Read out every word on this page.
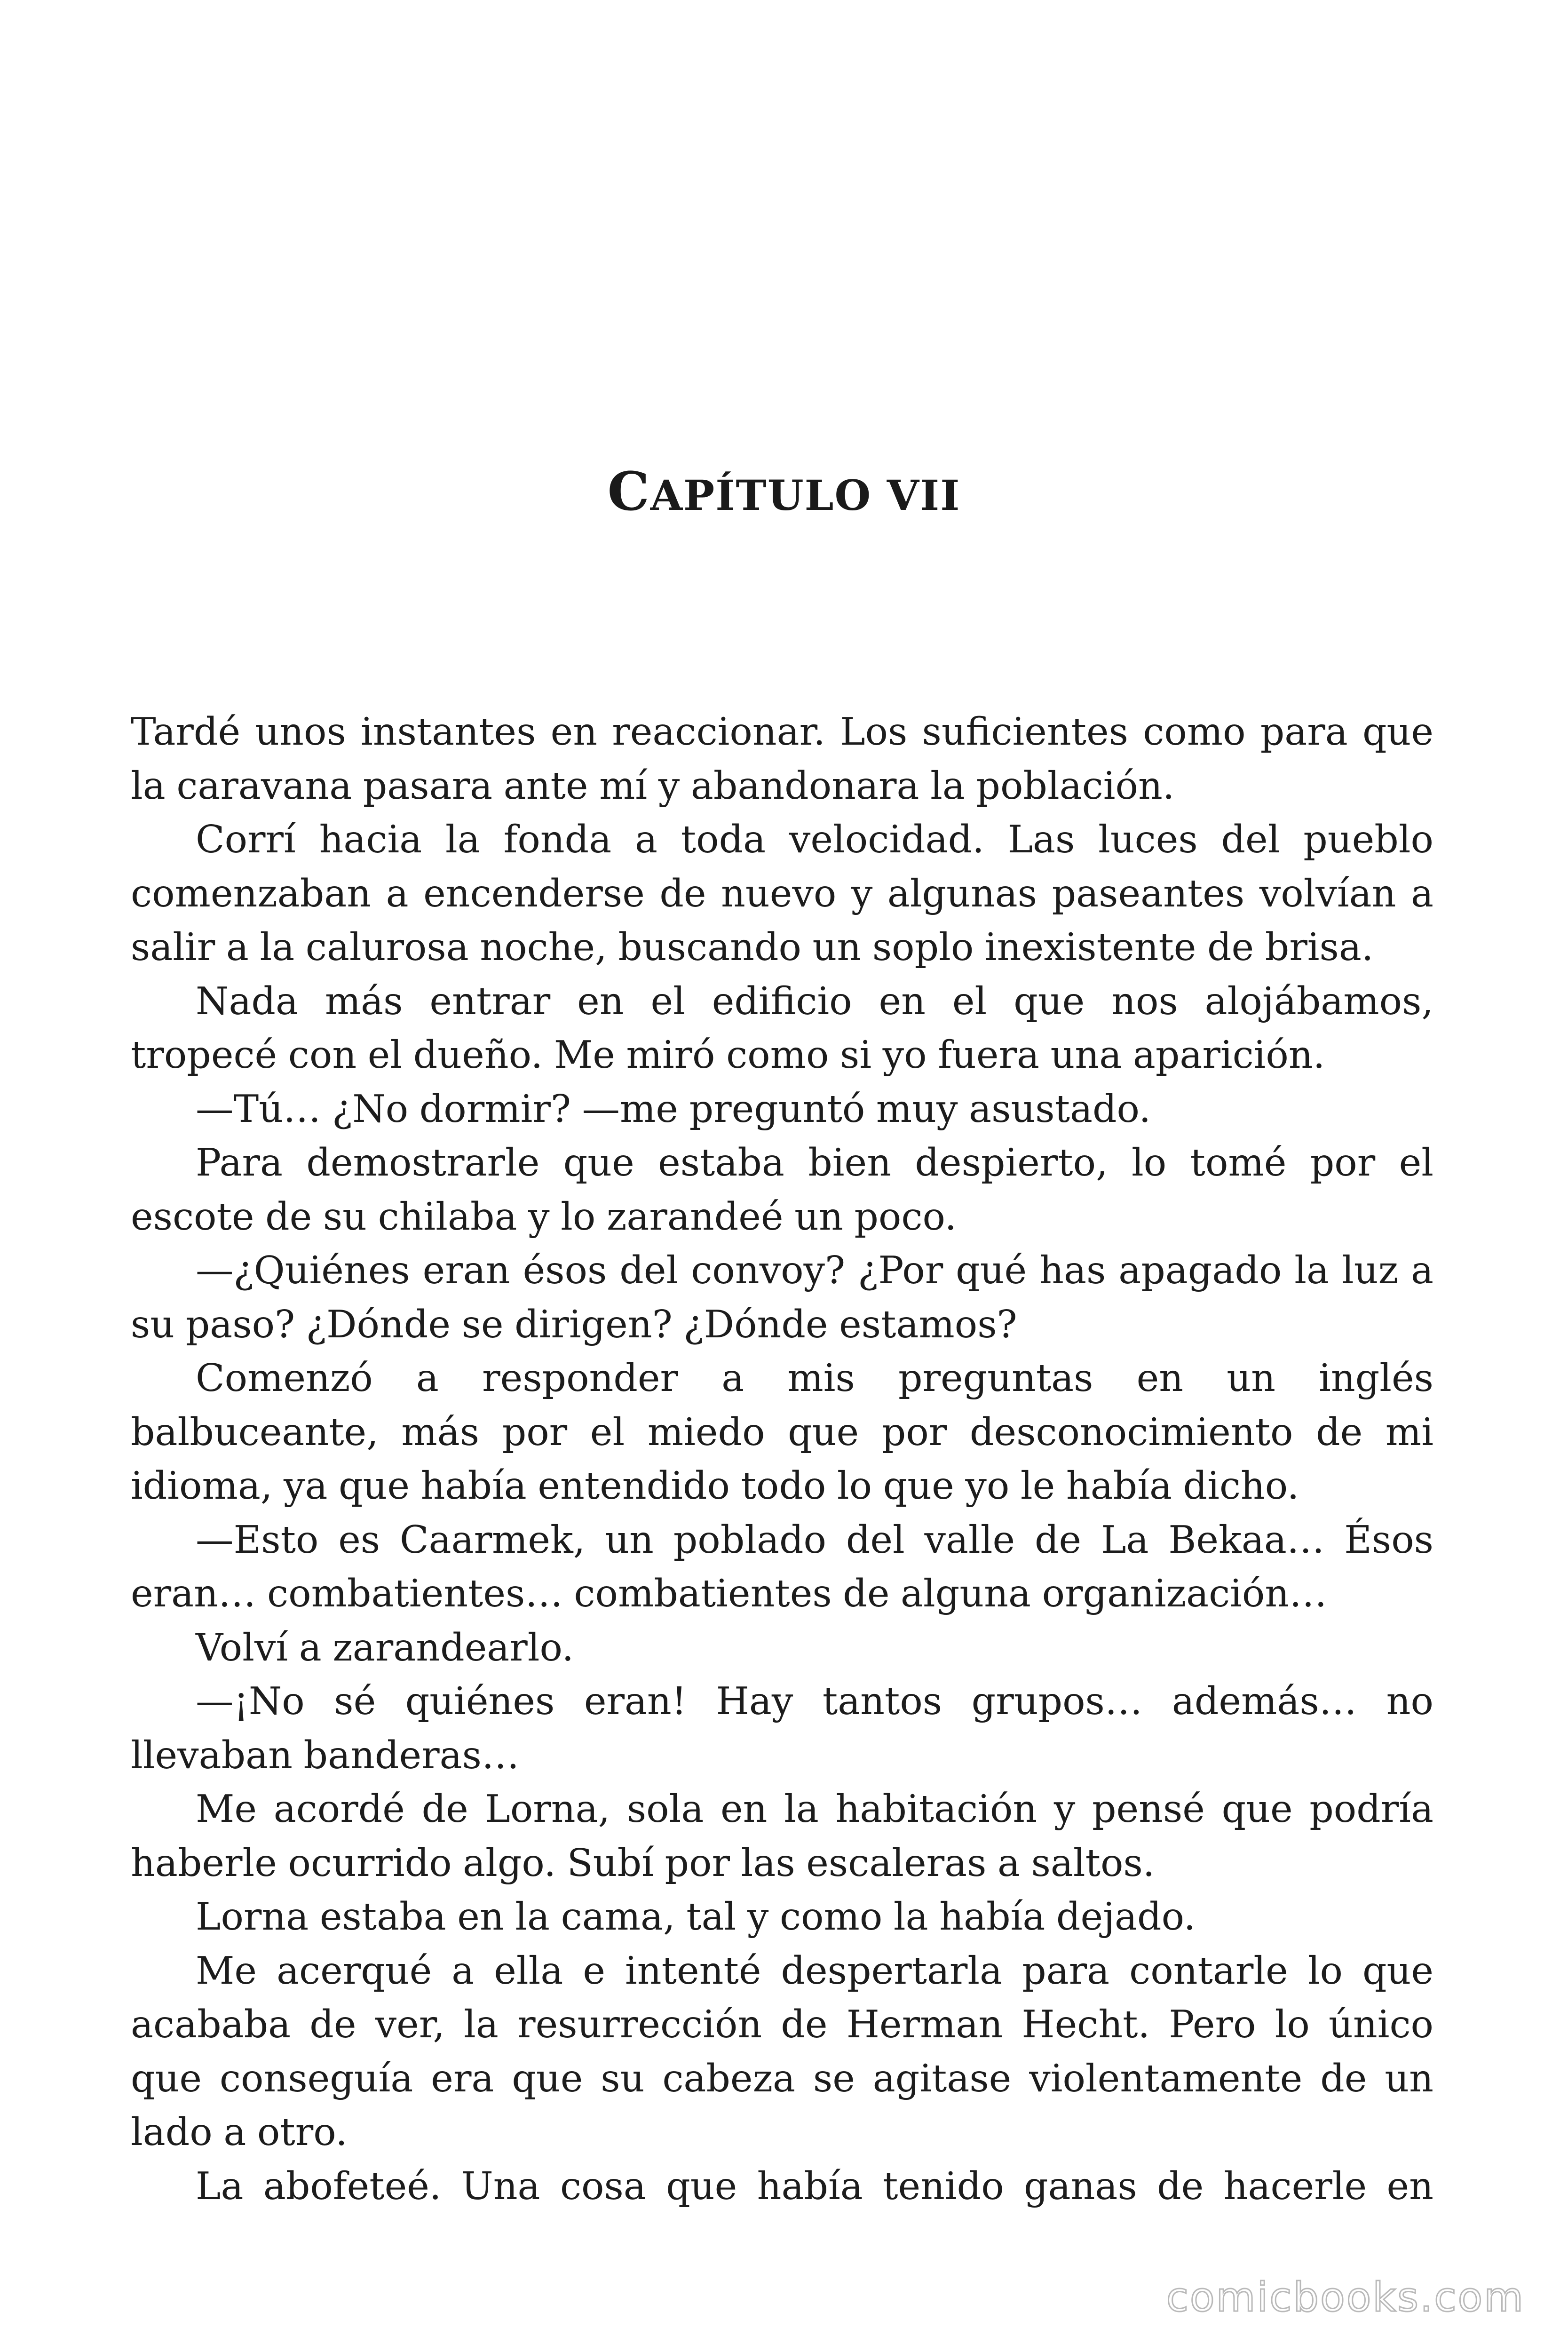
CAPÍTULO VII

Tardé unos instantes en reaccionar. Los suficientes como para que la caravana pasara ante mí y abandonara la población.

Corrí hacia la fonda a toda velocidad. Las luces del pueblo comenzaban a encenderse de nuevo y algunas paseantes volvían a salir a la calurosa noche, buscando un soplo inexistente de brisa.

Nada más entrar en el edificio en el que nos alojábamos, tropecé con el dueño. Me miró como si yo fuera una aparición.

—Tú… ¿No dormir? —me preguntó muy asustado.

Para demostrarle que estaba bien despierto, lo tomé por el escote de su chilaba y lo zarandeé un poco.

—¿Quiénes eran ésos del convoy? ¿Por qué has apagado la luz a su paso? ¿Dónde se dirigen? ¿Dónde estamos?

Comenzó a responder a mis preguntas en un inglés balbuceante, más por el miedo que por desconocimiento de mi idioma, ya que había entendido todo lo que yo le había dicho.

—Esto es Caarmek, un poblado del valle de La Bekaa… Ésos eran… combatientes… combatientes de alguna organización…

Volví a zarandearlo.

—¡No sé quiénes eran! Hay tantos grupos… además… no llevaban banderas…

Me acordé de Lorna, sola en la habitación y pensé que podría haberle ocurrido algo. Subí por las escaleras a saltos.

Lorna estaba en la cama, tal y como la había dejado.

Me acerqué a ella e intenté despertarla para contarle lo que acababa de ver, la resurrección de Herman Hecht. Pero lo único que conseguía era que su cabeza se agitase violentamente de un lado a otro.

La abofeteé. Una cosa que había tenido ganas de hacerle en

comicbooks.com
